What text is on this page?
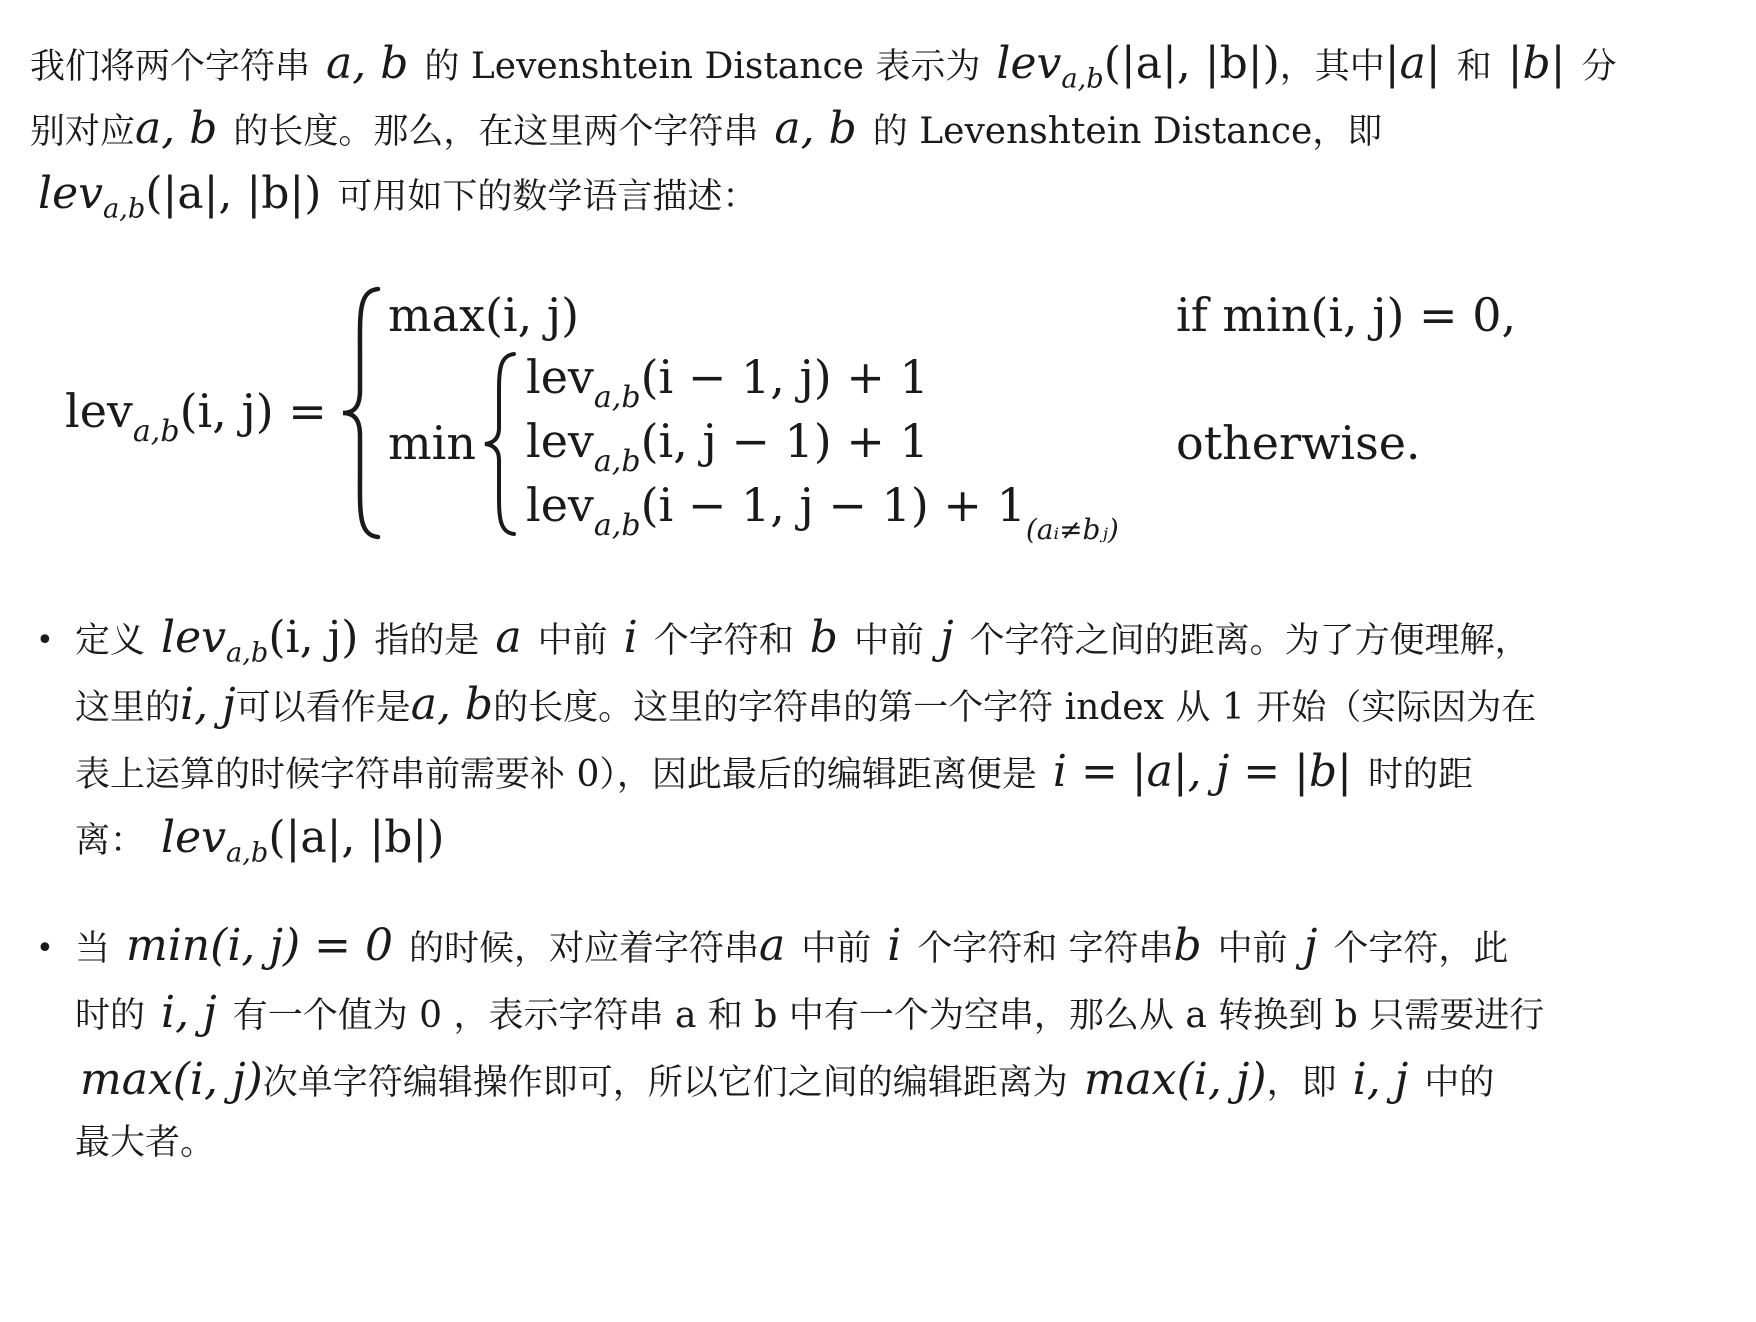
我们将两个字符串 a, b 的 Levenshtein Distance 表示为 lev$_{a,b}$(|a|, |b|)，其中|a| 和 |b| 分
别对应a, b 的长度。那么，在这里两个字符串 a, b 的 Levenshtein Distance，即
lev$_{a,b}$(|a|, |b|) 可用如下的数学语言描述：
lev$_{a,b}$(i, j) =
max(i, j)	if min(i, j) = 0,
min
lev$_{a,b}$(i − 1, j) + 1
lev$_{a,b}$(i, j − 1) + 1
lev$_{a,b}$(i − 1, $j - 1) + 1_{(aᵢ\ne bⱼ)}$
otherwise.
• 定义 lev$_{a,b}$(i, j) 指的是 a 中前 i 个字符和 b 中前 j 个字符之间的距离。为了方便理解，
这里的i, j可以看作是a, b的长度。这里的字符串的第一个字符 index 从 1 开始（实际因为在
表上运算的时候字符串前需要补 0），因此最后的编辑距离便是 i = |a|, j = |b| 时的距
离： lev$_{a,b}$(|a|, |b|)
• 当 min(i, j) = 0 的时候，对应着字符串a 中前 i 个字符和 字符串b 中前 j 个字符，此
时的 i, j 有一个值为 0 ，表示字符串 a 和 b 中有一个为空串，那么从 a 转换到 b 只需要进行
max(i, j)次单字符编辑操作即可，所以它们之间的编辑距离为 max(i, j)，即 i, j 中的
最大者。
